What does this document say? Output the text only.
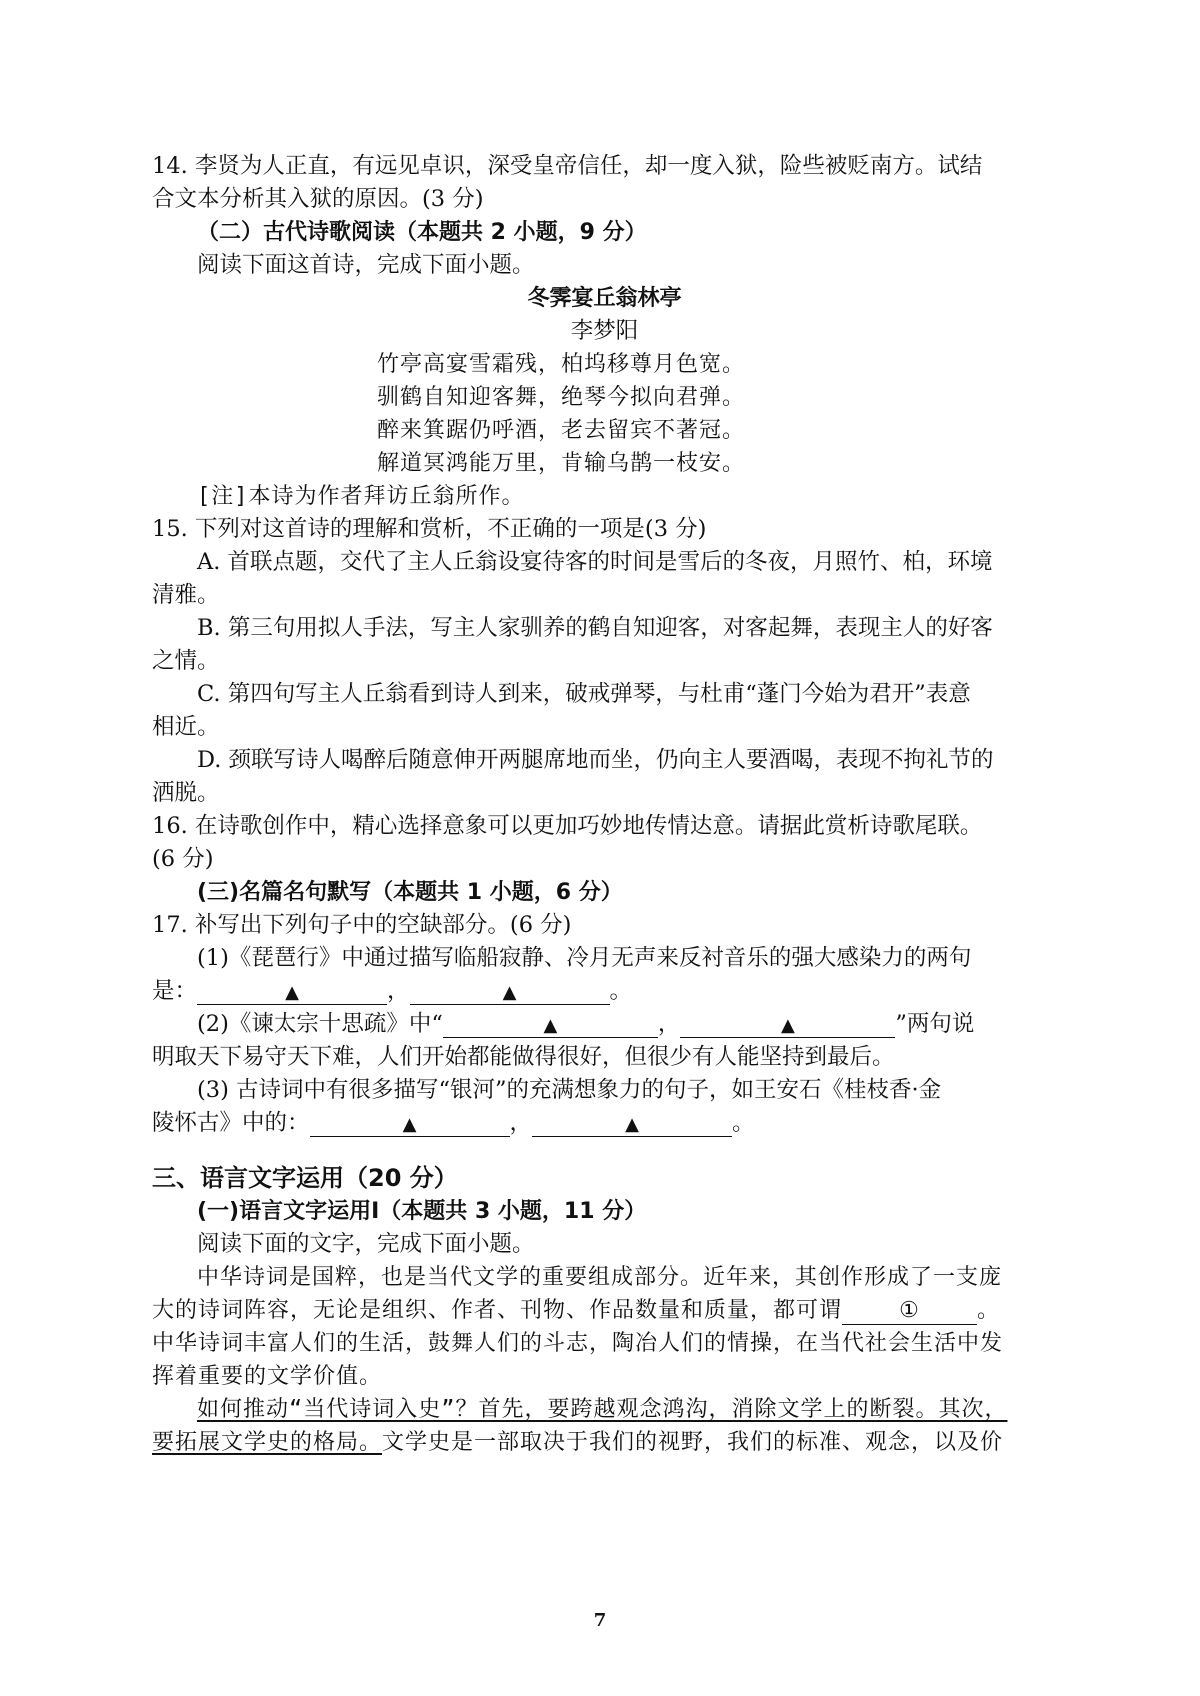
14. 李贤为人正直，有远见卓识，深受皇帝信任，却一度入狱，险些被贬南方。试结

合文本分析其入狱的原因。(3 分)

（二）古代诗歌阅读（本题共 2 小题，9 分）

阅读下面这首诗，完成下面小题。

冬霁宴丘翁林亭

李梦阳

竹亭高宴雪霜残，柏坞移尊月色宽。

驯鹤自知迎客舞，绝琴今拟向君弹。

醉来箕踞仍呼酒，老去留宾不著冠。

解道冥鸿能万里，肯输乌鹊一枝安。

[注]本诗为作者拜访丘翁所作。

15. 下列对这首诗的理解和赏析，不正确的一项是(3 分)

A. 首联点题，交代了主人丘翁设宴待客的时间是雪后的冬夜，月照竹、柏，环境

清雅。

B. 第三句用拟人手法，写主人家驯养的鹤自知迎客，对客起舞，表现主人的好客

之情。

C. 第四句写主人丘翁看到诗人到来，破戒弹琴，与杜甫“蓬门今始为君开”表意

相近。

D. 颈联写诗人喝醉后随意伸开两腿席地而坐，仍向主人要酒喝，表现不拘礼节的

洒脱。

16. 在诗歌创作中，精心选择意象可以更加巧妙地传情达意。请据此赏析诗歌尾联。

(6 分)

(三)名篇名句默写（本题共 1 小题，6 分）

17. 补写出下列句子中的空缺部分。(6 分)

(1)《琵琶行》中通过描写临船寂静、冷月无声来反衬音乐的强大感染力的两句

是：	▲	，	▲	。

(2)《谏太宗十思疏》中“	▲	，	▲	”两句说

明取天下易守天下难，人们开始都能做得很好，但很少有人能坚持到最后。

(3) 古诗词中有很多描写“银河”的充满想象力的句子，如王安石《桂枝香·金

陵怀古》中的：	▲	，	▲	。

三、语言文字运用（20 分）

(一)语言文字运用Ⅰ（本题共 3 小题，11 分）

阅读下面的文字，完成下面小题。

中华诗词是国粹，也是当代文学的重要组成部分。近年来，其创作形成了一支庞

大的诗词阵容，无论是组织、作者、刊物、作品数量和质量，都可谓	①	。

中华诗词丰富人们的生活，鼓舞人们的斗志，陶冶人们的情操，在当代社会生活中发

挥着重要的文学价值。

如何推动“当代诗词入史”？首先，要跨越观念鸿沟，消除文学上的断裂。其次，

要拓展文学史的格局。文学史是一部取决于我们的视野，我们的标准、观念，以及价

7
